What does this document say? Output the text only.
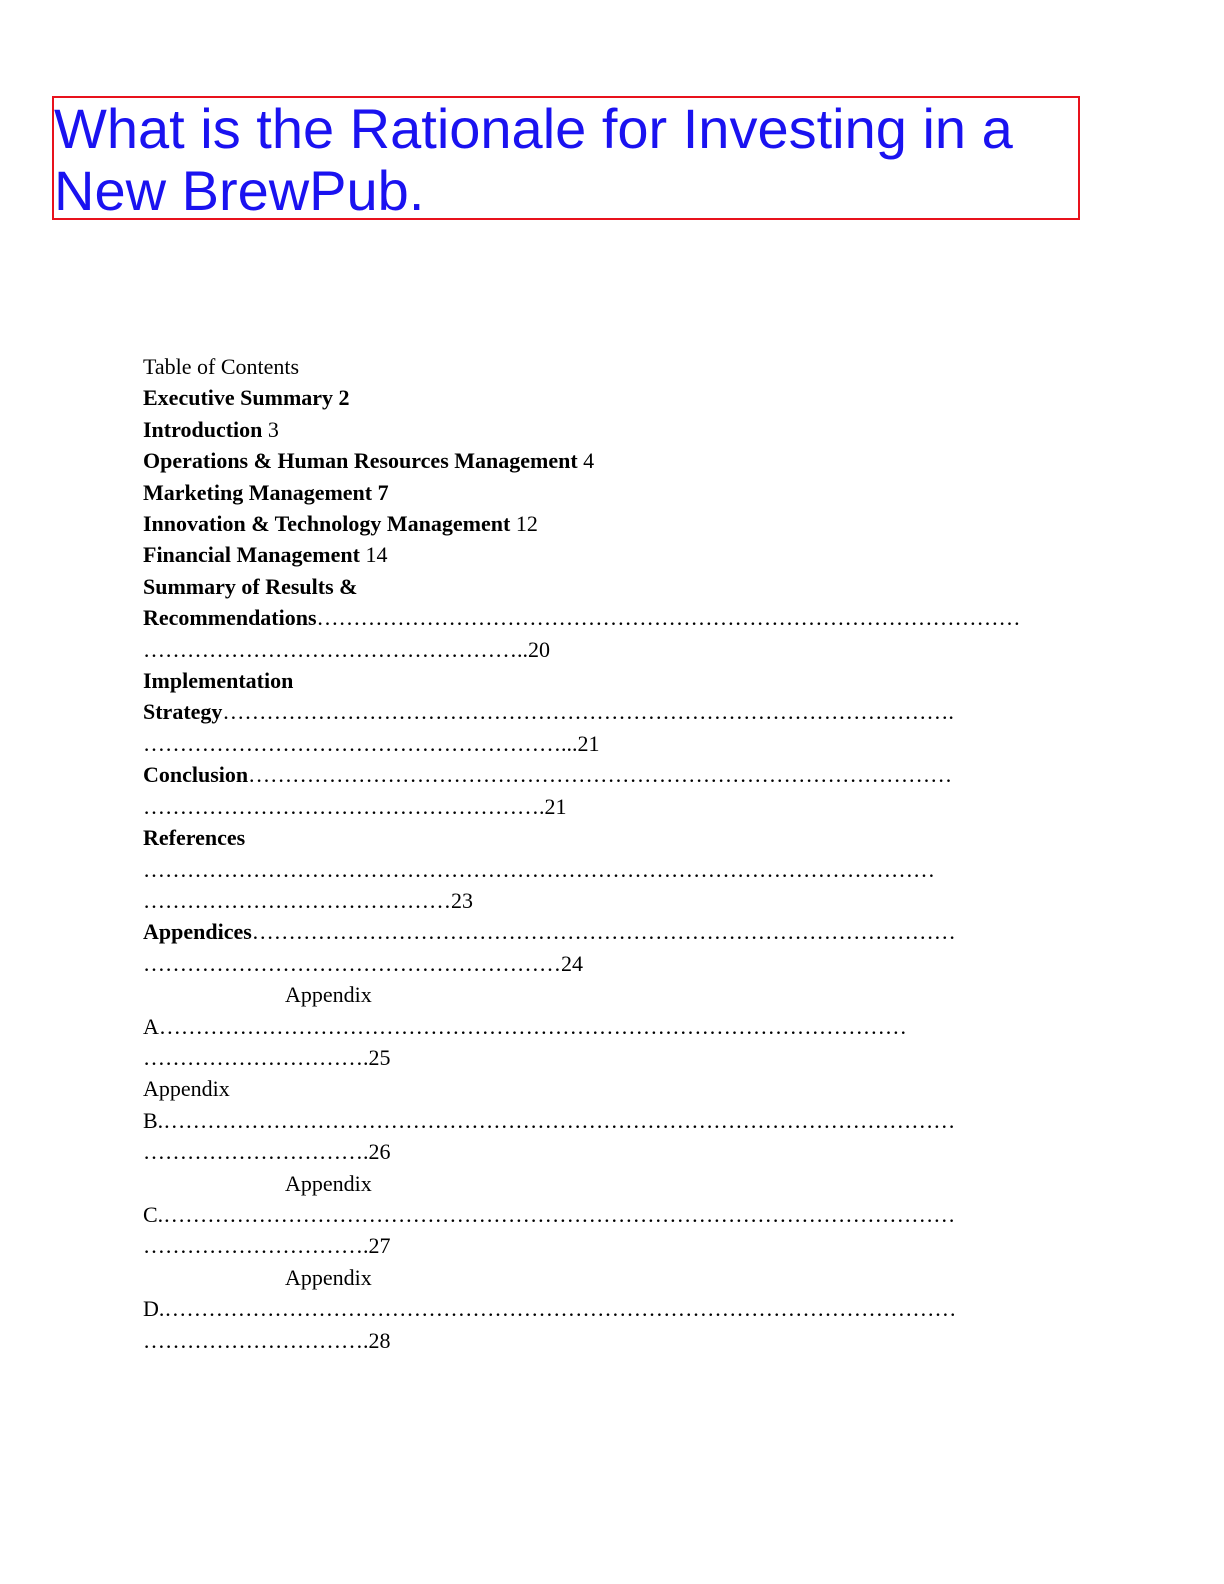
What is the Rationale for Investing in a
New BrewPub.
Table of Contents
Executive Summary 2
Introduction 3
Operations & Human Resources Management 4
Marketing Management 7
Innovation & Technology Management 12
Financial Management 14
Summary of Results &
Recommendations……………………………………………………………………………………
……………………………………………..20
Implementation
Strategy……………………………………………………………………………………….
…………………………………………………...21
Conclusion……………………………………………………………………………………
……………………………………………….21
References
………………………………………………………………………………………………
……………………………………23
Appendices……………………………………………………………………………………
…………………………………………………24
Appendix
A…………………………………………………………………………………………
………………………….25
Appendix
B.………………………………………………………………………………………………
………………………….26
Appendix
C.………………………………………………………………………………………………
………………………….27
Appendix
D.………………………………………………………………………………………………
………………………….28
